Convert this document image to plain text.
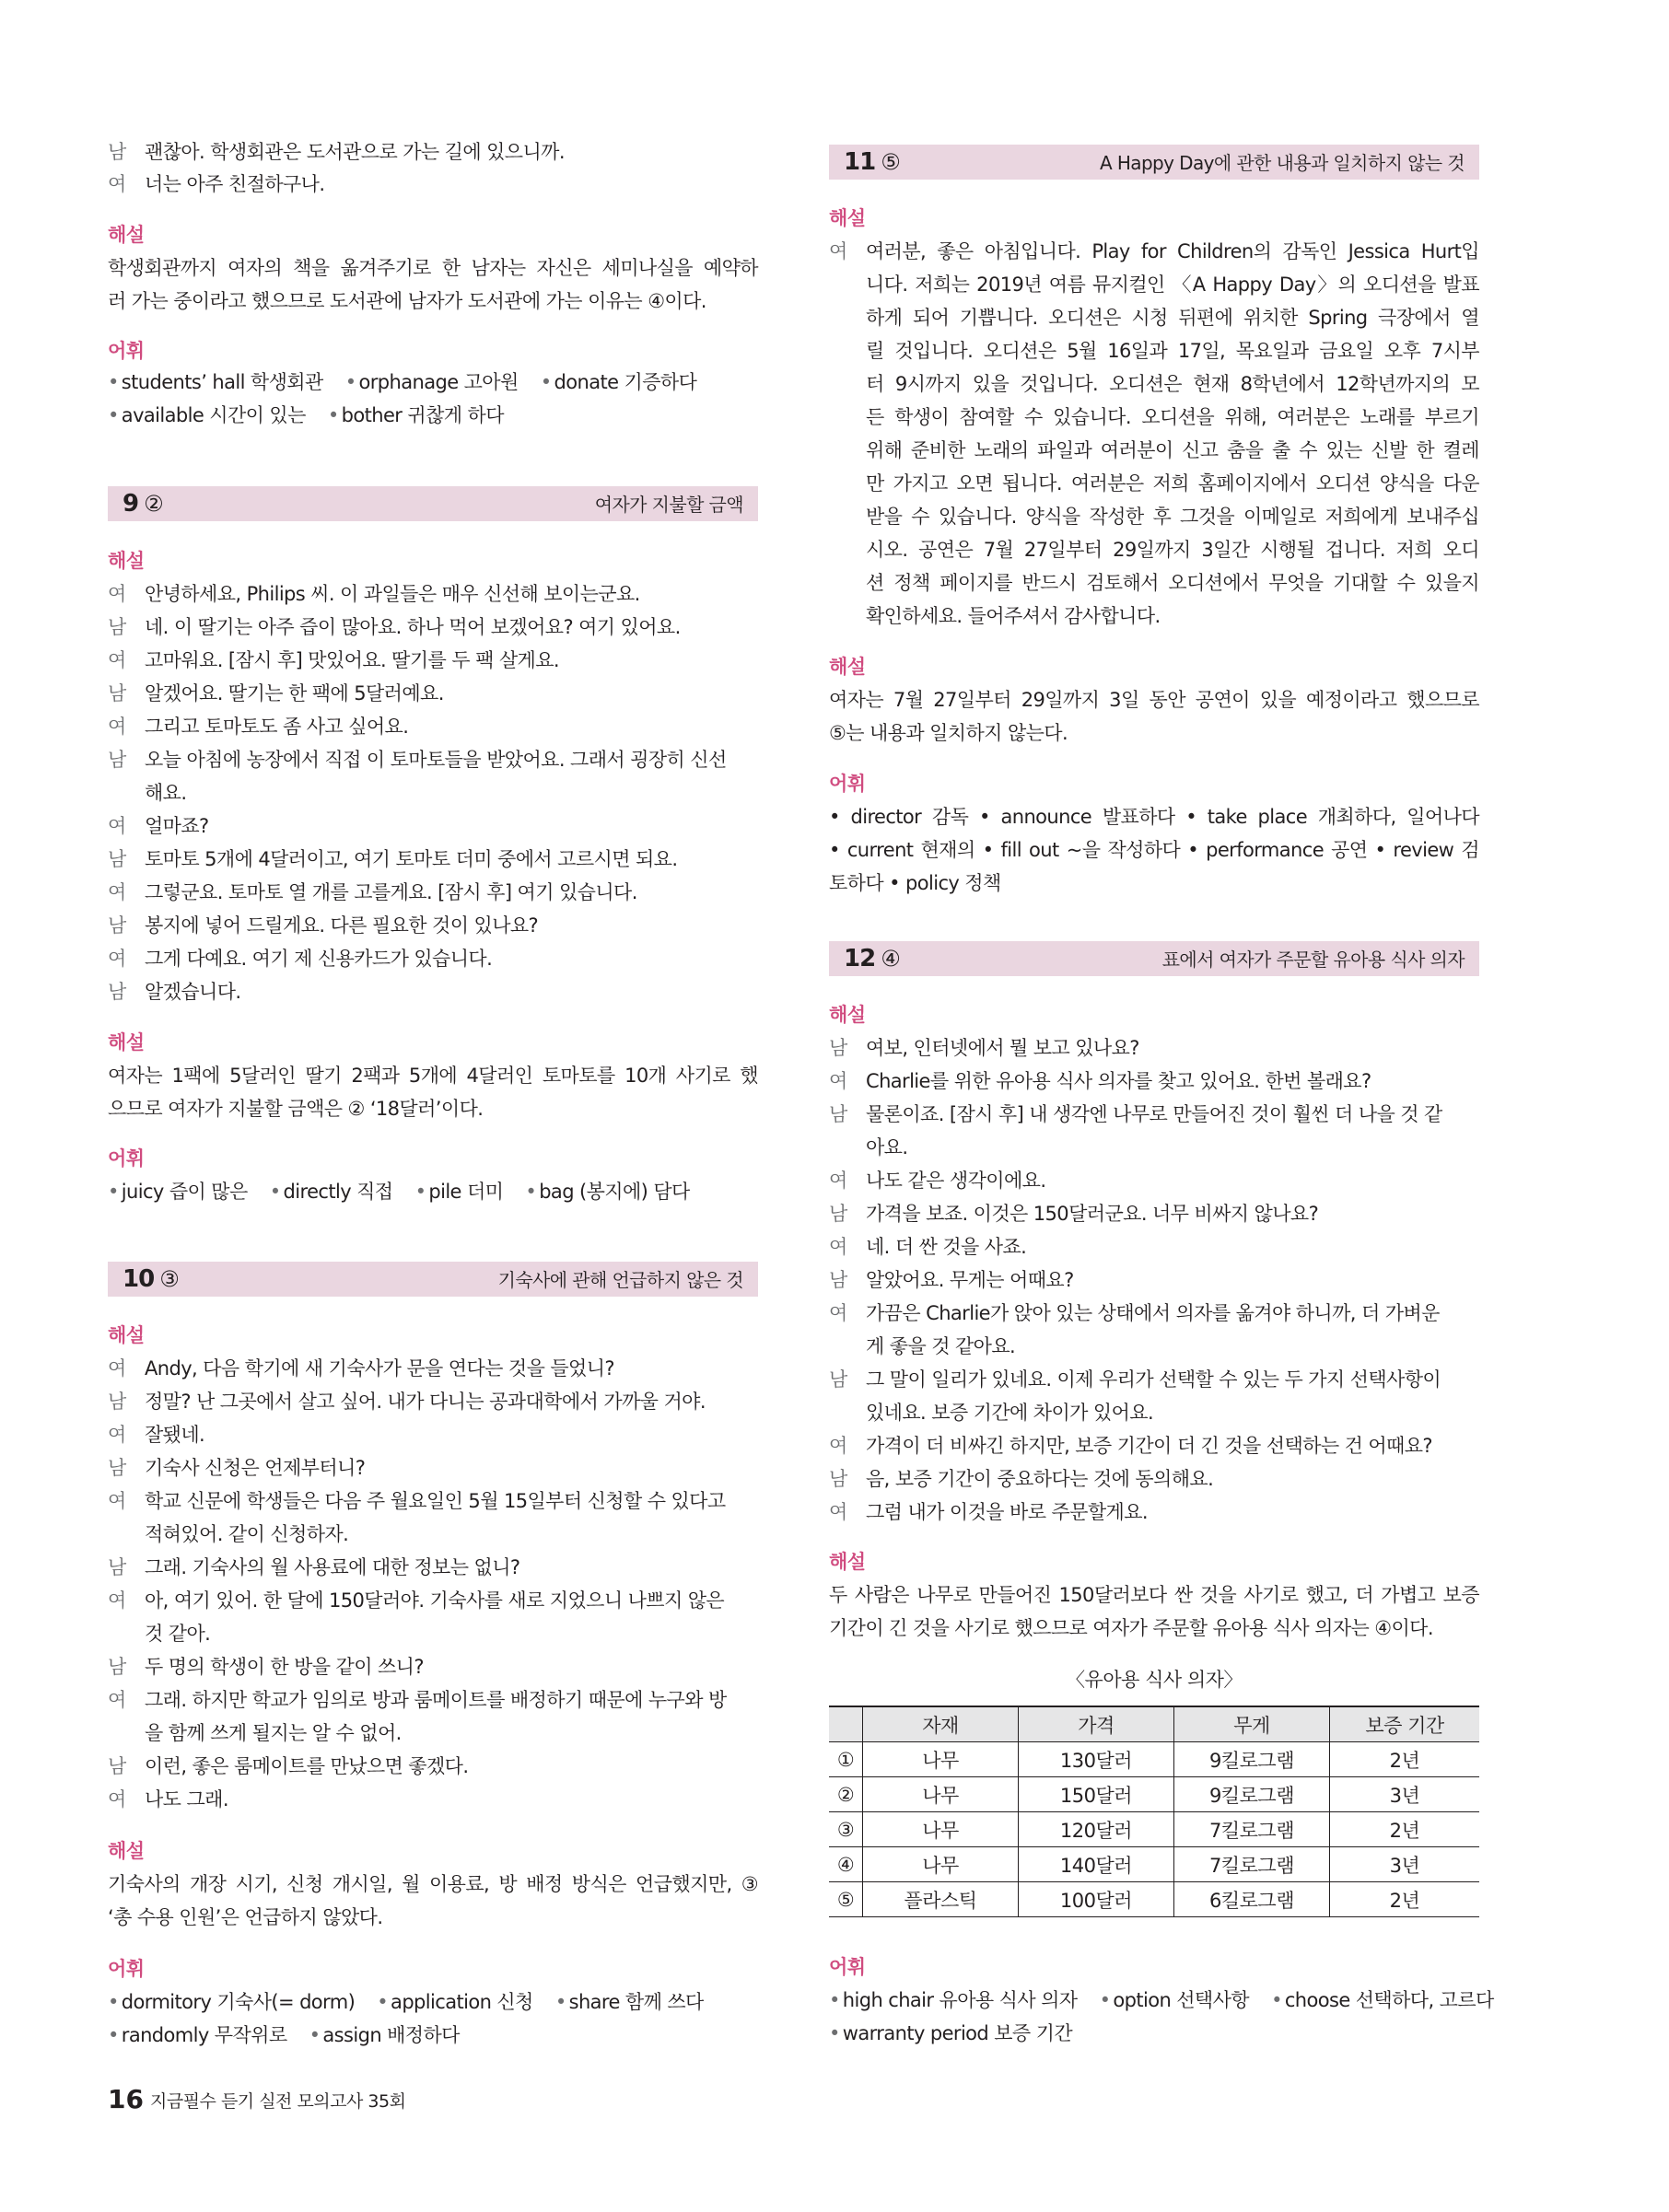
남 괜찮아. 학생회관은 도서관으로 가는 길에 있으니까.
여 너는 아주 친절하구나.
해설
학생회관까지 여자의 책을 옮겨주기로 한 남자는 자신은 세미나실을 예약하
러 가는 중이라고 했으므로 도서관에 남자가 도서관에 가는 이유는 ④이다.
어휘
• students’ hall 학생회관 • orphanage 고아원 • donate 기증하다
• available 시간이 있는 • bother 귀찮게 하다
9 ②	여자가 지불할 금액
해설
여 안녕하세요, Philips 씨. 이 과일들은 매우 신선해 보이는군요.
남 네. 이 딸기는 아주 즙이 많아요. 하나 먹어 보겠어요? 여기 있어요.
여 고마워요. [잠시 후] 맛있어요. 딸기를 두 팩 살게요.
남 알겠어요. 딸기는 한 팩에 5달러예요.
여 그리고 토마토도 좀 사고 싶어요.
남 오늘 아침에 농장에서 직접 이 토마토들을 받았어요. 그래서 굉장히 신선
해요.
여 얼마죠?
남 토마토 5개에 4달러이고, 여기 토마토 더미 중에서 고르시면 되요.
여 그렇군요. 토마토 열 개를 고를게요. [잠시 후] 여기 있습니다.
남 봉지에 넣어 드릴게요. 다른 필요한 것이 있나요?
여 그게 다예요. 여기 제 신용카드가 있습니다.
남 알겠습니다.
해설
여자는 1팩에 5달러인 딸기 2팩과 5개에 4달러인 토마토를 10개 사기로 했
으므로 여자가 지불할 금액은 ② ‘18달러’이다.
어휘
• juicy 즙이 많은 • directly 직접 • pile 더미 • bag (봉지에) 담다
10 ③	기숙사에 관해 언급하지 않은 것
해설
여 Andy, 다음 학기에 새 기숙사가 문을 연다는 것을 들었니?
남 정말? 난 그곳에서 살고 싶어. 내가 다니는 공과대학에서 가까울 거야.
여 잘됐네.
남 기숙사 신청은 언제부터니?
여 학교 신문에 학생들은 다음 주 월요일인 5월 15일부터 신청할 수 있다고
적혀있어. 같이 신청하자.
남 그래. 기숙사의 월 사용료에 대한 정보는 없니?
여 아, 여기 있어. 한 달에 150달러야. 기숙사를 새로 지었으니 나쁘지 않은
것 같아.
남 두 명의 학생이 한 방을 같이 쓰니?
여 그래. 하지만 학교가 임의로 방과 룸메이트를 배정하기 때문에 누구와 방
을 함께 쓰게 될지는 알 수 없어.
남 이런, 좋은 룸메이트를 만났으면 좋겠다.
여 나도 그래.
해설
기숙사의 개장 시기, 신청 개시일, 월 이용료, 방 배정 방식은 언급했지만, ③
‘총 수용 인원’은 언급하지 않았다.
어휘
• dormitory 기숙사(= dorm) • application 신청 • share 함께 쓰다
• randomly 무작위로 • assign 배정하다
11 ⑤	A Happy Day에 관한 내용과 일치하지 않는 것
해설
여 여러분, 좋은 아침입니다. Play for Children의 감독인 Jessica Hurt입
니다. 저희는 2019년 여름 뮤지컬인 〈A Happy Day〉의 오디션을 발표
하게 되어 기쁩니다. 오디션은 시청 뒤편에 위치한 Spring 극장에서 열
릴 것입니다. 오디션은 5월 16일과 17일, 목요일과 금요일 오후 7시부
터 9시까지 있을 것입니다. 오디션은 현재 8학년에서 12학년까지의 모
든 학생이 참여할 수 있습니다. 오디션을 위해, 여러분은 노래를 부르기
위해 준비한 노래의 파일과 여러분이 신고 춤을 출 수 있는 신발 한 켤레
만 가지고 오면 됩니다. 여러분은 저희 홈페이지에서 오디션 양식을 다운
받을 수 있습니다. 양식을 작성한 후 그것을 이메일로 저희에게 보내주십
시오. 공연은 7월 27일부터 29일까지 3일간 시행될 겁니다. 저희 오디
션 정책 페이지를 반드시 검토해서 오디션에서 무엇을 기대할 수 있을지
확인하세요. 들어주셔서 감사합니다.
해설
여자는 7월 27일부터 29일까지 3일 동안 공연이 있을 예정이라고 했으므로
⑤는 내용과 일치하지 않는다.
어휘
• director 감독 • announce 발표하다 • take place 개최하다, 일어나다
• current 현재의 • fill out ~을 작성하다 • performance 공연 • review 검
토하다 • policy 정책
12 ④	표에서 여자가 주문할 유아용 식사 의자
해설
남 여보, 인터넷에서 뭘 보고 있나요?
여 Charlie를 위한 유아용 식사 의자를 찾고 있어요. 한번 볼래요?
남 물론이죠. [잠시 후] 내 생각엔 나무로 만들어진 것이 훨씬 더 나을 것 같
아요.
여 나도 같은 생각이에요.
남 가격을 보죠. 이것은 150달러군요. 너무 비싸지 않나요?
여 네. 더 싼 것을 사죠.
남 알았어요. 무게는 어때요?
여 가끔은 Charlie가 앉아 있는 상태에서 의자를 옮겨야 하니까, 더 가벼운
게 좋을 것 같아요.
남 그 말이 일리가 있네요. 이제 우리가 선택할 수 있는 두 가지 선택사항이
있네요. 보증 기간에 차이가 있어요.
여 가격이 더 비싸긴 하지만, 보증 기간이 더 긴 것을 선택하는 건 어때요?
남 음, 보증 기간이 중요하다는 것에 동의해요.
여 그럼 내가 이것을 바로 주문할게요.
해설
두 사람은 나무로 만들어진 150달러보다 싼 것을 사기로 했고, 더 가볍고 보증
기간이 긴 것을 사기로 했으므로 여자가 주문할 유아용 식사 의자는 ④이다.
〈유아용 식사 의자〉
	자재	가격	무게	보증 기간
①	나무	130달러	9킬로그램	2년
②	나무	150달러	9킬로그램	3년
③	나무	120달러	7킬로그램	2년
④	나무	140달러	7킬로그램	3년
⑤	플라스틱	100달러	6킬로그램	2년
어휘
• high chair 유아용 식사 의자 • option 선택사항 • choose 선택하다, 고르다
• warranty period 보증 기간
16 지금필수 듣기 실전 모의고사 35회
